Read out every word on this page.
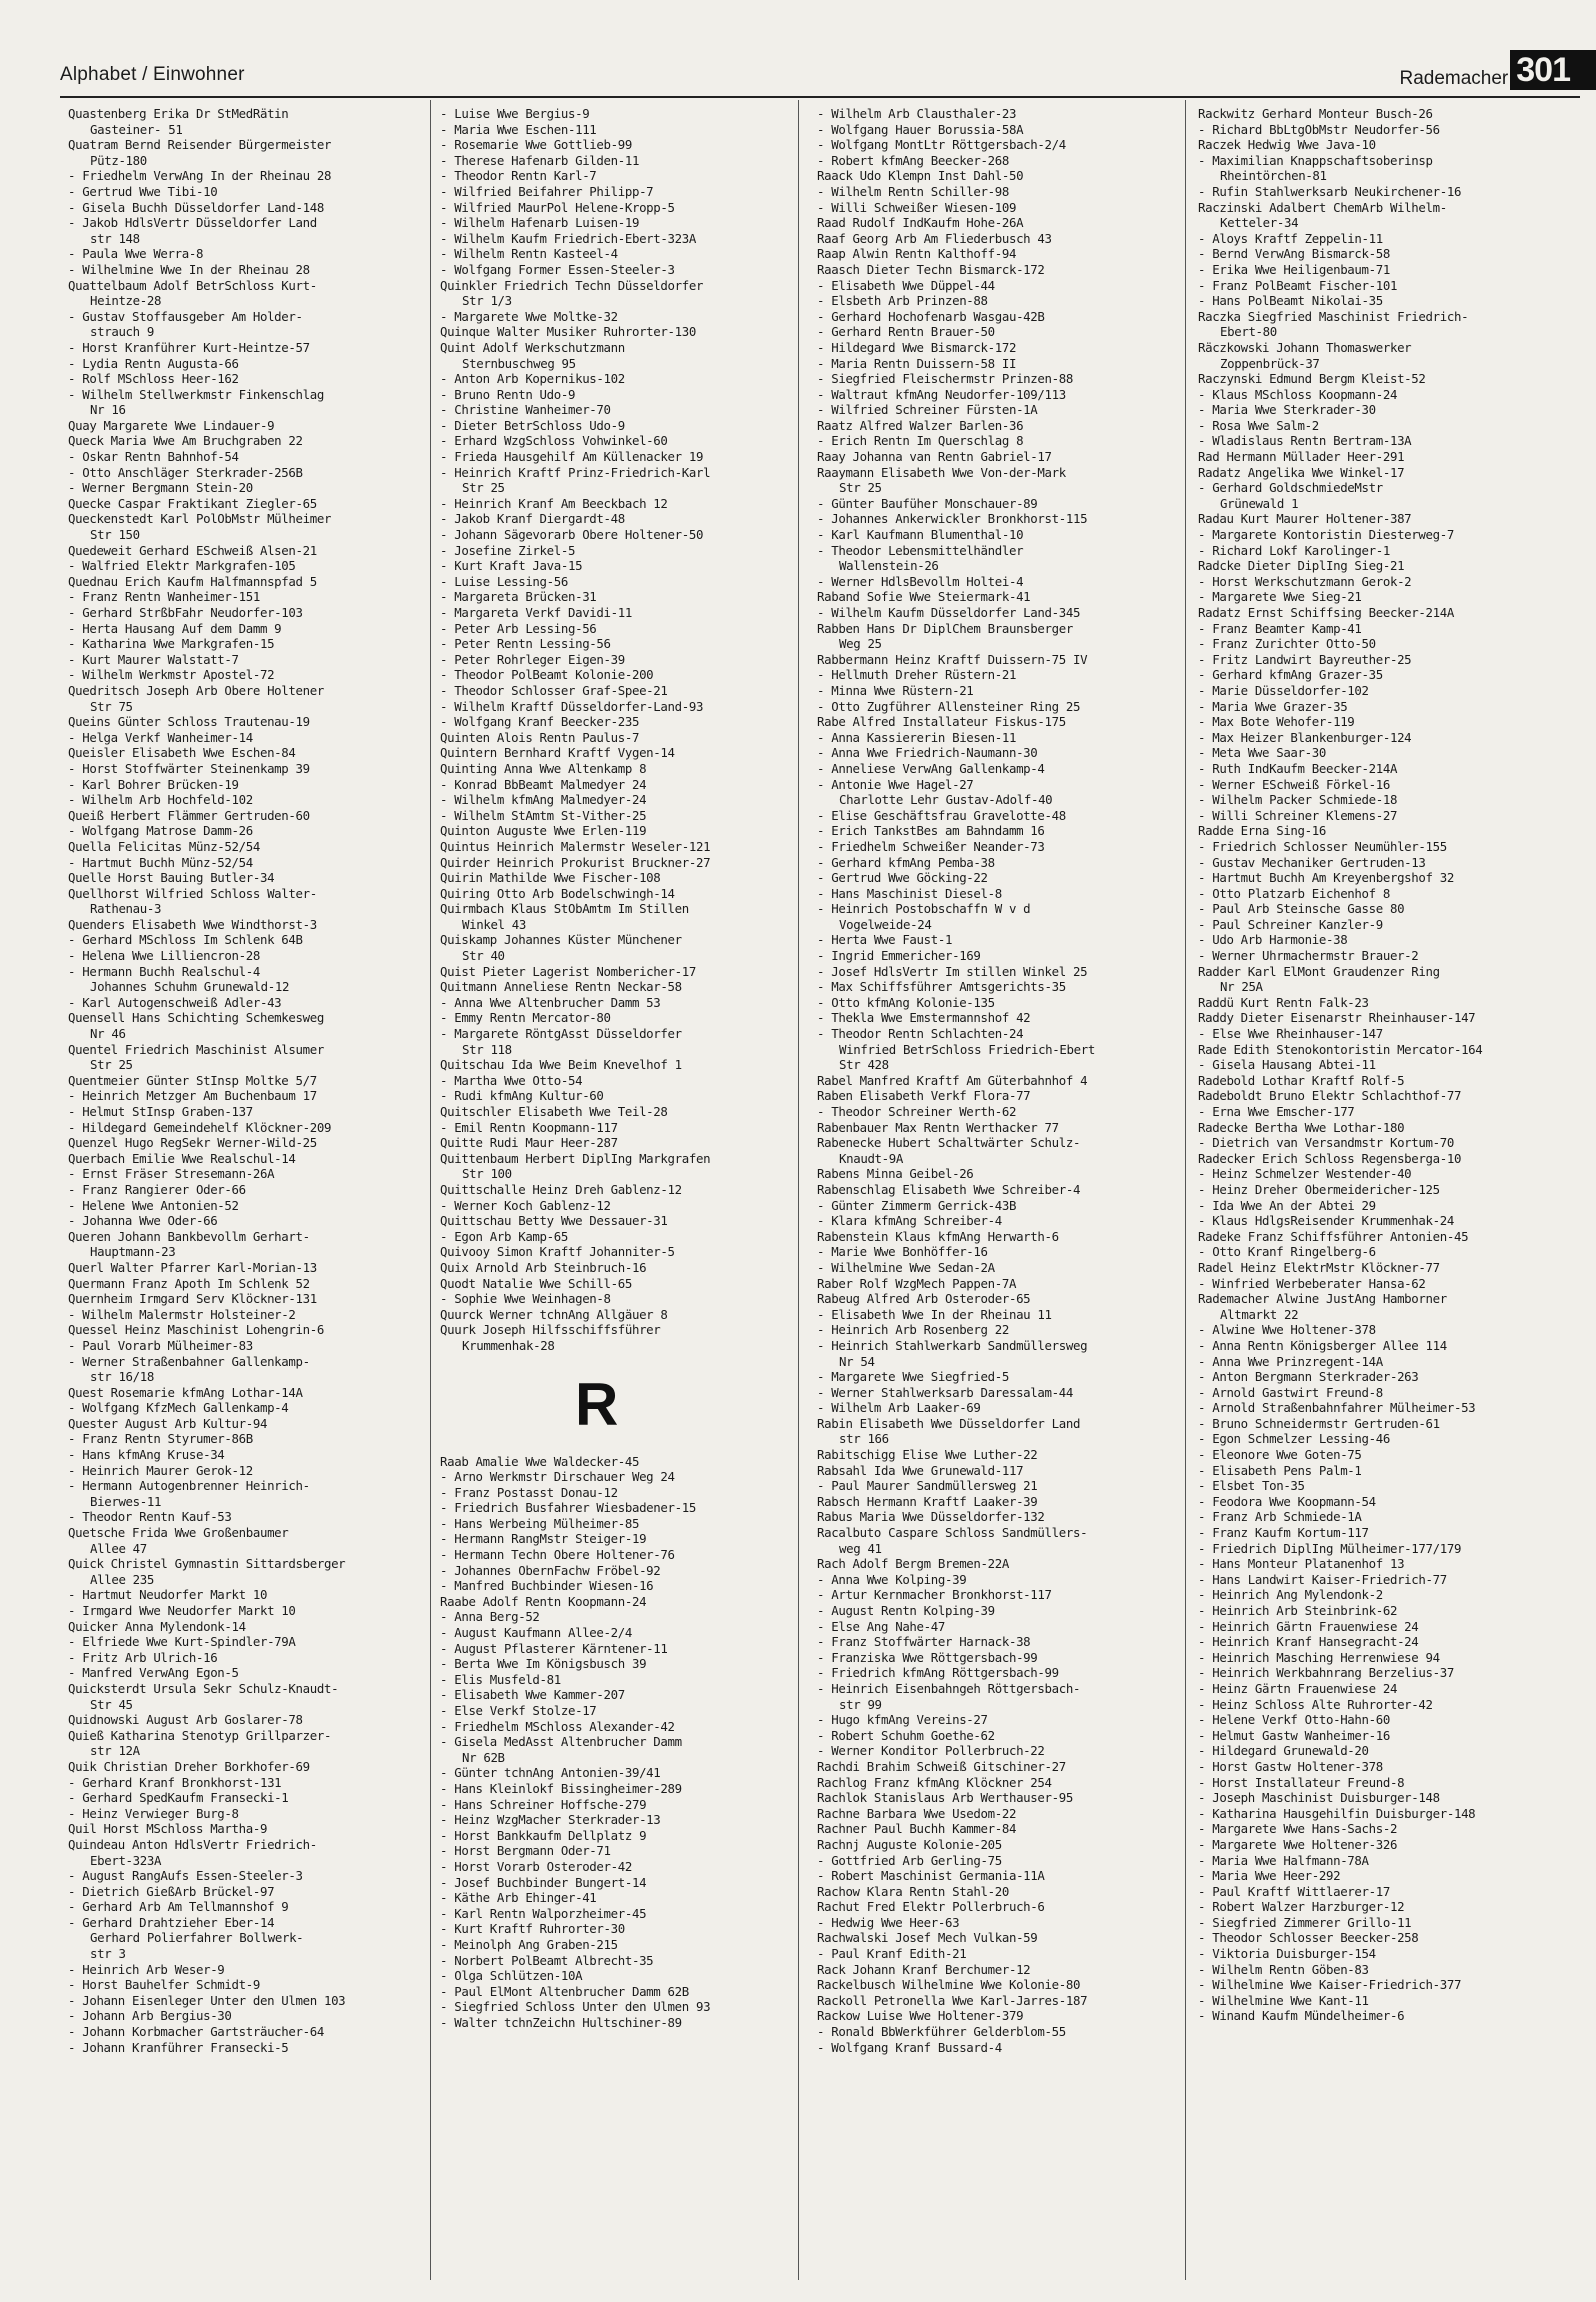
Alphabet / Einwohner	Rademacher 301
Quastenberg Erika Dr StMedRätin
Gasteiner- 51
Quatram Bernd Reisender Bürgermeister
Pütz-180
- Friedhelm VerwAng In der Rheinau 28
- Gertrud Wwe Tibi-10
- Gisela Buchh Düsseldorfer Land-148
- Jakob HdlsVertr Düsseldorfer Land
str 148
- Paula Wwe Werra-8
- Wilhelmine Wwe In der Rheinau 28
Quattelbaum Adolf BetrSchloss Kurt-
Heintze-28
- Gustav Stoffausgeber Am Holder-
strauch 9
- Horst Kranführer Kurt-Heintze-57
- Lydia Rentn Augusta-66
- Rolf MSchloss Heer-162
- Wilhelm Stellwerkmstr Finkenschlag
Nr 16
Quay Margarete Wwe Lindauer-9
Queck Maria Wwe Am Bruchgraben 22
- Oskar Rentn Bahnhof-54
- Otto Anschläger Sterkrader-256B
- Werner Bergmann Stein-20
Quecke Caspar Fraktikant Ziegler-65
Queckenstedt Karl PolObMstr Mülheimer
Str 150
Quedeweit Gerhard ESchweiß Alsen-21
- Walfried Elektr Markgrafen-105
Quednau Erich Kaufm Halfmannspfad 5
- Franz Rentn Wanheimer-151
- Gerhard StrßbFahr Neudorfer-103
- Herta Hausang Auf dem Damm 9
- Katharina Wwe Markgrafen-15
- Kurt Maurer Walstatt-7
- Wilhelm Werkmstr Apostel-72
Quedritsch Joseph Arb Obere Holtener
Str 75
Queins Günter Schloss Trautenau-19
- Helga Verkf Wanheimer-14
Queisler Elisabeth Wwe Eschen-84
- Horst Stoffwärter Steinenkamp 39
- Karl Bohrer Brücken-19
- Wilhelm Arb Hochfeld-102
Queiß Herbert Flämmer Gertruden-60
- Wolfgang Matrose Damm-26
Quella Felicitas Münz-52/54
- Hartmut Buchh Münz-52/54
Quelle Horst Bauing Butler-34
Quellhorst Wilfried Schloss Walter-
Rathenau-3
Quenders Elisabeth Wwe Windthorst-3
- Gerhard MSchloss Im Schlenk 64B
- Helena Wwe Lilliencron-28
- Hermann Buchh Realschul-4
Johannes Schuhm Grunewald-12
- Karl Autogenschweiß Adler-43
Quensell Hans Schichting Schemkesweg
Nr 46
Quentel Friedrich Maschinist Alsumer
Str 25
Quentmeier Günter StInsp Moltke 5/7
- Heinrich Metzger Am Buchenbaum 17
- Helmut StInsp Graben-137
- Hildegard Gemeindehelf Klöckner-209
Quenzel Hugo RegSekr Werner-Wild-25
Querbach Emilie Wwe Realschul-14
- Ernst Fräser Stresemann-26A
- Franz Rangierer Oder-66
- Helene Wwe Antonien-52
- Johanna Wwe Oder-66
Queren Johann Bankbevollm Gerhart-
Hauptmann-23
Querl Walter Pfarrer Karl-Morian-13
Quermann Franz Apoth Im Schlenk 52
Quernheim Irmgard Serv Klöckner-131
- Wilhelm Malermstr Holsteiner-2
Quessel Heinz Maschinist Lohengrin-6
- Paul Vorarb Mülheimer-83
- Werner Straßenbahner Gallenkamp-
str 16/18
Quest Rosemarie kfmAng Lothar-14A
- Wolfgang KfzMech Gallenkamp-4
Quester August Arb Kultur-94
- Franz Rentn Styrumer-86B
- Hans kfmAng Kruse-34
- Heinrich Maurer Gerok-12
- Hermann Autogenbrenner Heinrich-
Bierwes-11
- Theodor Rentn Kauf-53
Quetsche Frida Wwe Großenbaumer
Allee 47
Quick Christel Gymnastin Sittardsberger
Allee 235
- Hartmut Neudorfer Markt 10
- Irmgard Wwe Neudorfer Markt 10
Quicker Anna Mylendonk-14
- Elfriede Wwe Kurt-Spindler-79A
- Fritz Arb Ulrich-16
- Manfred VerwAng Egon-5
Quicksterdt Ursula Sekr Schulz-Knaudt-
Str 45
Quidnowski August Arb Goslarer-78
Quieß Katharina Stenotyp Grillparzer-
str 12A
Quik Christian Dreher Borkhofer-69
- Gerhard Kranf Bronkhorst-131
- Gerhard SpedKaufm Fransecki-1
- Heinz Verwieger Burg-8
Quil Horst MSchloss Martha-9
Quindeau Anton HdlsVertr Friedrich-
Ebert-323A
- August RangAufs Essen-Steeler-3
- Dietrich GießArb Brückel-97
- Gerhard Arb Am Tellmannshof 9
- Gerhard Drahtzieher Eber-14
Gerhard Polierfahrer Bollwerk-
str 3
- Heinrich Arb Weser-9
- Horst Bauhelfer Schmidt-9
- Johann Eisenleger Unter den Ulmen 103
- Johann Arb Bergius-30
- Johann Korbmacher Gartsträucher-64
- Johann Kranführer Fransecki-5
- Luise Wwe Bergius-9
- Maria Wwe Eschen-111
- Rosemarie Wwe Gottlieb-99
- Therese Hafenarb Gilden-11
- Theodor Rentn Karl-7
- Wilfried Beifahrer Philipp-7
- Wilfried MaurPol Helene-Kropp-5
- Wilhelm Hafenarb Luisen-19
- Wilhelm Kaufm Friedrich-Ebert-323A
- Wilhelm Rentn Kasteel-4
- Wolfgang Former Essen-Steeler-3
Quinkler Friedrich Techn Düsseldorfer
Str 1/3
- Margarete Wwe Moltke-32
Quinque Walter Musiker Ruhrorter-130
Quint Adolf Werkschutzmann
Sternbuschweg 95
- Anton Arb Kopernikus-102
- Bruno Rentn Udo-9
- Christine Wanheimer-70
- Dieter BetrSchloss Udo-9
- Erhard WzgSchloss Vohwinkel-60
- Frieda Hausgehilf Am Küllenacker 19
- Heinrich Kraftf Prinz-Friedrich-Karl
Str 25
- Heinrich Kranf Am Beeckbach 12
- Jakob Kranf Diergardt-48
- Johann Sägevorarb Obere Holtener-50
- Josefine Zirkel-5
- Kurt Kraft Java-15
- Luise Lessing-56
- Margareta Brücken-31
- Margareta Verkf Davidi-11
- Peter Arb Lessing-56
- Peter Rentn Lessing-56
- Peter Rohrleger Eigen-39
- Theodor PolBeamt Kolonie-200
- Theodor Schlosser Graf-Spee-21
- Wilhelm Kraftf Düsseldorfer-Land-93
- Wolfgang Kranf Beecker-235
Quinten Alois Rentn Paulus-7
Quintern Bernhard Kraftf Vygen-14
Quinting Anna Wwe Altenkamp 8
- Konrad BbBeamt Malmedyer 24
- Wilhelm kfmAng Malmedyer-24
- Wilhelm StAmtm St-Vither-25
Quinton Auguste Wwe Erlen-119
Quintus Heinrich Malermstr Weseler-121
Quirder Heinrich Prokurist Bruckner-27
Quirin Mathilde Wwe Fischer-108
Quiring Otto Arb Bodelschwingh-14
Quirmbach Klaus StObAmtm Im Stillen
Winkel 43
Quiskamp Johannes Küster Münchener
Str 40
Quist Pieter Lagerist Nombericher-17
Quitmann Anneliese Rentn Neckar-58
- Anna Wwe Altenbrucher Damm 53
- Emmy Rentn Mercator-80
- Margarete RöntgAsst Düsseldorfer
Str 118
Quitschau Ida Wwe Beim Knevelhof 1
- Martha Wwe Otto-54
- Rudi kfmAng Kultur-60
Quitschler Elisabeth Wwe Teil-28
- Emil Rentn Koopmann-117
Quitte Rudi Maur Heer-287
Quittenbaum Herbert DiplIng Markgrafen
Str 100
Quittschalle Heinz Dreh Gablenz-12
- Werner Koch Gablenz-12
Quittschau Betty Wwe Dessauer-31
- Egon Arb Kamp-65
Quivooy Simon Kraftf Johanniter-5
Quix Arnold Arb Steinbruch-16
Quodt Natalie Wwe Schill-65
- Sophie Wwe Weinhagen-8
Quurck Werner tchnAng Allgäuer 8
Quurk Joseph Hilfsschiffsführer
Krummenhak-28
R
Raab Amalie Wwe Waldecker-45
- Arno Werkmstr Dirschauer Weg 24
- Franz Postasst Donau-12
- Friedrich Busfahrer Wiesbadener-15
- Hans Werbeing Mülheimer-85
- Hermann RangMstr Steiger-19
- Hermann Techn Obere Holtener-76
- Johannes ObernFachw Fröbel-92
- Manfred Buchbinder Wiesen-16
Raabe Adolf Rentn Koopmann-24
- Anna Berg-52
- August Kaufmann Allee-2/4
- August Pflasterer Kärntener-11
- Berta Wwe Im Königsbusch 39
- Elis Musfeld-81
- Elisabeth Wwe Kammer-207
- Else Verkf Stolze-17
- Friedhelm MSchloss Alexander-42
- Gisela MedAsst Altenbrucher Damm
Nr 62B
- Günter tchnAng Antonien-39/41
- Hans Kleinlokf Bissingheimer-289
- Hans Schreiner Hoffsche-279
- Heinz WzgMacher Sterkrader-13
- Horst Bankkaufm Dellplatz 9
- Horst Bergmann Oder-71
- Horst Vorarb Osteroder-42
- Josef Buchbinder Bungert-14
- Käthe Arb Ehinger-41
- Karl Rentn Walporzheimer-45
- Kurt Kraftf Ruhrorter-30
- Meinolph Ang Graben-215
- Norbert PolBeamt Albrecht-35
- Olga Schlützen-10A
- Paul ElMont Altenbrucher Damm 62B
- Siegfried Schloss Unter den Ulmen 93
- Walter tchnZeichn Hultschiner-89
- Wilhelm Arb Clausthaler-23
- Wolfgang Hauer Borussia-58A
- Wolfgang MontLtr Röttgersbach-2/4
- Robert kfmAng Beecker-268
Raack Udo Klempn Inst Dahl-50
- Wilhelm Rentn Schiller-98
- Willi Schweißer Wiesen-109
Raad Rudolf IndKaufm Hohe-26A
Raaf Georg Arb Am Fliederbusch 43
Raap Alwin Rentn Kalthoff-94
Raasch Dieter Techn Bismarck-172
- Elisabeth Wwe Düppel-44
- Elsbeth Arb Prinzen-88
- Gerhard Hochofenarb Wasgau-42B
- Gerhard Rentn Brauer-50
- Hildegard Wwe Bismarck-172
- Maria Rentn Duissern-58 II
- Siegfried Fleischermstr Prinzen-88
- Waltraut kfmAng Neudorfer-109/113
- Wilfried Schreiner Fürsten-1A
Raatz Alfred Walzer Barlen-36
- Erich Rentn Im Querschlag 8
Raay Johanna van Rentn Gabriel-17
Raaymann Elisabeth Wwe Von-der-Mark
Str 25
- Günter Baufüher Monschauer-89
- Johannes Ankerwickler Bronkhorst-115
- Karl Kaufmann Blumenthal-10
- Theodor Lebensmittelhändler
Wallenstein-26
- Werner HdlsBevollm Holtei-4
Raband Sofie Wwe Steiermark-41
- Wilhelm Kaufm Düsseldorfer Land-345
Rabben Hans Dr DiplChem Braunsberger
Weg 25
Rabbermann Heinz Kraftf Duissern-75 IV
- Hellmuth Dreher Rüstern-21
- Minna Wwe Rüstern-21
- Otto Zugführer Allensteiner Ring 25
Rabe Alfred Installateur Fiskus-175
- Anna Kassiererin Biesen-11
- Anna Wwe Friedrich-Naumann-30
- Anneliese VerwAng Gallenkamp-4
- Antonie Wwe Hagel-27
Charlotte Lehr Gustav-Adolf-40
- Elise Geschäftsfrau Gravelotte-48
- Erich TankstBes am Bahndamm 16
- Friedhelm Schweißer Neander-73
- Gerhard kfmAng Pemba-38
- Gertrud Wwe Göcking-22
- Hans Maschinist Diesel-8
- Heinrich Postobschaffn W v d
Vogelweide-24
- Herta Wwe Faust-1
- Ingrid Emmericher-169
- Josef HdlsVertr Im stillen Winkel 25
- Max Schiffsführer Amtsgerichts-35
- Otto kfmAng Kolonie-135
- Thekla Wwe Emstermannshof 42
- Theodor Rentn Schlachten-24
Winfried BetrSchloss Friedrich-Ebert
Str 428
Rabel Manfred Kraftf Am Güterbahnhof 4
Raben Elisabeth Verkf Flora-77
- Theodor Schreiner Werth-62
Rabenbauer Max Rentn Werthacker 77
Rabenecke Hubert Schaltwärter Schulz-
Knaudt-9A
Rabens Minna Geibel-26
Rabenschlag Elisabeth Wwe Schreiber-4
- Günter Zimmerm Gerrick-43B
- Klara kfmAng Schreiber-4
Rabenstein Klaus kfmAng Herwarth-6
- Marie Wwe Bonhöffer-16
- Wilhelmine Wwe Sedan-2A
Raber Rolf WzgMech Pappen-7A
Rabeug Alfred Arb Osteroder-65
- Elisabeth Wwe In der Rheinau 11
- Heinrich Arb Rosenberg 22
- Heinrich Stahlwerkarb Sandmüllersweg
Nr 54
- Margarete Wwe Siegfried-5
- Werner Stahlwerksarb Daressalam-44
- Wilhelm Arb Laaker-69
Rabin Elisabeth Wwe Düsseldorfer Land
str 166
Rabitschigg Elise Wwe Luther-22
Rabsahl Ida Wwe Grunewald-117
- Paul Maurer Sandmüllersweg 21
Rabsch Hermann Kraftf Laaker-39
Rabus Maria Wwe Düsseldorfer-132
Racalbuto Caspare Schloss Sandmüllers-
weg 41
Rach Adolf Bergm Bremen-22A
- Anna Wwe Kolping-39
- Artur Kernmacher Bronkhorst-117
- August Rentn Kolping-39
- Else Ang Nahe-47
- Franz Stoffwärter Harnack-38
- Franziska Wwe Röttgersbach-99
- Friedrich kfmAng Röttgersbach-99
- Heinrich Eisenbahngeh Röttgersbach-
str 99
- Hugo kfmAng Vereins-27
- Robert Schuhm Goethe-62
- Werner Konditor Pollerbruch-22
Rachdi Brahim Schweiß Gitschiner-27
Rachlog Franz kfmAng Klöckner 254
Rachlok Stanislaus Arb Werthauser-95
Rachne Barbara Wwe Usedom-22
Rachner Paul Buchh Kammer-84
Rachnj Auguste Kolonie-205
- Gottfried Arb Gerling-75
- Robert Maschinist Germania-11A
Rachow Klara Rentn Stahl-20
Rachut Fred Elektr Pollerbruch-6
- Hedwig Wwe Heer-63
Rachwalski Josef Mech Vulkan-59
- Paul Kranf Edith-21
Rack Johann Kranf Berchumer-12
Rackelbusch Wilhelmine Wwe Kolonie-80
Rackoll Petronella Wwe Karl-Jarres-187
Rackow Luise Wwe Holtener-379
- Ronald BbWerkführer Gelderblom-55
- Wolfgang Kranf Bussard-4
Rackwitz Gerhard Monteur Busch-26
- Richard BbLtgObMstr Neudorfer-56
Raczek Hedwig Wwe Java-10
- Maximilian Knappschaftsoberinsp
Rheintörchen-81
- Rufin Stahlwerksarb Neukirchener-16
Raczinski Adalbert ChemArb Wilhelm-
Ketteler-34
- Aloys Kraftf Zeppelin-11
- Bernd VerwAng Bismarck-58
- Erika Wwe Heiligenbaum-71
- Franz PolBeamt Fischer-101
- Hans PolBeamt Nikolai-35
Raczka Siegfried Maschinist Friedrich-
Ebert-80
Räczkowski Johann Thomaswerker
Zoppenbrück-37
Raczynski Edmund Bergm Kleist-52
- Klaus MSchloss Koopmann-24
- Maria Wwe Sterkrader-30
- Rosa Wwe Salm-2
- Wladislaus Rentn Bertram-13A
Rad Hermann Müllader Heer-291
Radatz Angelika Wwe Winkel-17
- Gerhard GoldschmiedeMstr
Grünewald 1
Radau Kurt Maurer Holtener-387
- Margarete Kontoristin Diesterweg-7
- Richard Lokf Karolinger-1
Radcke Dieter DiplIng Sieg-21
- Horst Werkschutzmann Gerok-2
- Margarete Wwe Sieg-21
Radatz Ernst Schiffsing Beecker-214A
- Franz Beamter Kamp-41
- Franz Zurichter Otto-50
- Fritz Landwirt Bayreuther-25
- Gerhard kfmAng Grazer-35
- Marie Düsseldorfer-102
- Maria Wwe Grazer-35
- Max Bote Wehofer-119
- Max Heizer Blankenburger-124
- Meta Wwe Saar-30
- Ruth IndKaufm Beecker-214A
- Werner ESchweiß Förkel-16
- Wilhelm Packer Schmiede-18
- Willi Schreiner Klemens-27
Radde Erna Sing-16
- Friedrich Schlosser Neumühler-155
- Gustav Mechaniker Gertruden-13
- Hartmut Buchh Am Kreyenbergshof 32
- Otto Platzarb Eichenhof 8
- Paul Arb Steinsche Gasse 80
- Paul Schreiner Kanzler-9
- Udo Arb Harmonie-38
- Werner Uhrmachermstr Brauer-2
Radder Karl ElMont Graudenzer Ring
Nr 25A
Raddü Kurt Rentn Falk-23
Raddy Dieter Eisenarstr Rheinhauser-147
- Else Wwe Rheinhauser-147
Rade Edith Stenokontoristin Mercator-164
- Gisela Hausang Abtei-11
Radebold Lothar Kraftf Rolf-5
Radeboldt Bruno Elektr Schlachthof-77
- Erna Wwe Emscher-177
Radecke Bertha Wwe Lothar-180
- Dietrich van Versandmstr Kortum-70
Radecker Erich Schloss Regensberga-10
- Heinz Schmelzer Westender-40
- Heinz Dreher Obermeidericher-125
- Ida Wwe An der Abtei 29
- Klaus HdlgsReisender Krummenhak-24
Radeke Franz Schiffsführer Antonien-45
- Otto Kranf Ringelberg-6
Radel Heinz ElektrMstr Klöckner-77
- Winfried Werbeberater Hansa-62
Rademacher Alwine JustAng Hamborner
Altmarkt 22
- Alwine Wwe Holtener-378
- Anna Rentn Königsberger Allee 114
- Anna Wwe Prinzregent-14A
- Anton Bergmann Sterkrader-263
- Arnold Gastwirt Freund-8
- Arnold Straßenbahnfahrer Mülheimer-53
- Bruno Schneidermstr Gertruden-61
- Egon Schmelzer Lessing-46
- Eleonore Wwe Goten-75
- Elisabeth Pens Palm-1
- Elsbet Ton-35
- Feodora Wwe Koopmann-54
- Franz Arb Schmiede-1A
- Franz Kaufm Kortum-117
- Friedrich DiplIng Mülheimer-177/179
- Hans Monteur Platanenhof 13
- Hans Landwirt Kaiser-Friedrich-77
- Heinrich Ang Mylendonk-2
- Heinrich Arb Steinbrink-62
- Heinrich Gärtn Frauenwiese 24
- Heinrich Kranf Hansegracht-24
- Heinrich Masching Herrenwiese 94
- Heinrich Werkbahnrang Berzelius-37
- Heinz Gärtn Frauenwiese 24
- Heinz Schloss Alte Ruhrorter-42
- Helene Verkf Otto-Hahn-60
- Helmut Gastw Wanheimer-16
- Hildegard Grunewald-20
- Horst Gastw Holtener-378
- Horst Installateur Freund-8
- Joseph Maschinist Duisburger-148
- Katharina Hausgehilfin Duisburger-148
- Margarete Wwe Hans-Sachs-2
- Margarete Wwe Holtener-326
- Maria Wwe Halfmann-78A
- Maria Wwe Heer-292
- Paul Kraftf Wittlaerer-17
- Robert Walzer Harzburger-12
- Siegfried Zimmerer Grillo-11
- Theodor Schlosser Beecker-258
- Viktoria Duisburger-154
- Wilhelm Rentn Göben-83
- Wilhelmine Wwe Kaiser-Friedrich-377
- Wilhelmine Wwe Kant-11
- Winand Kaufm Mündelheimer-6
